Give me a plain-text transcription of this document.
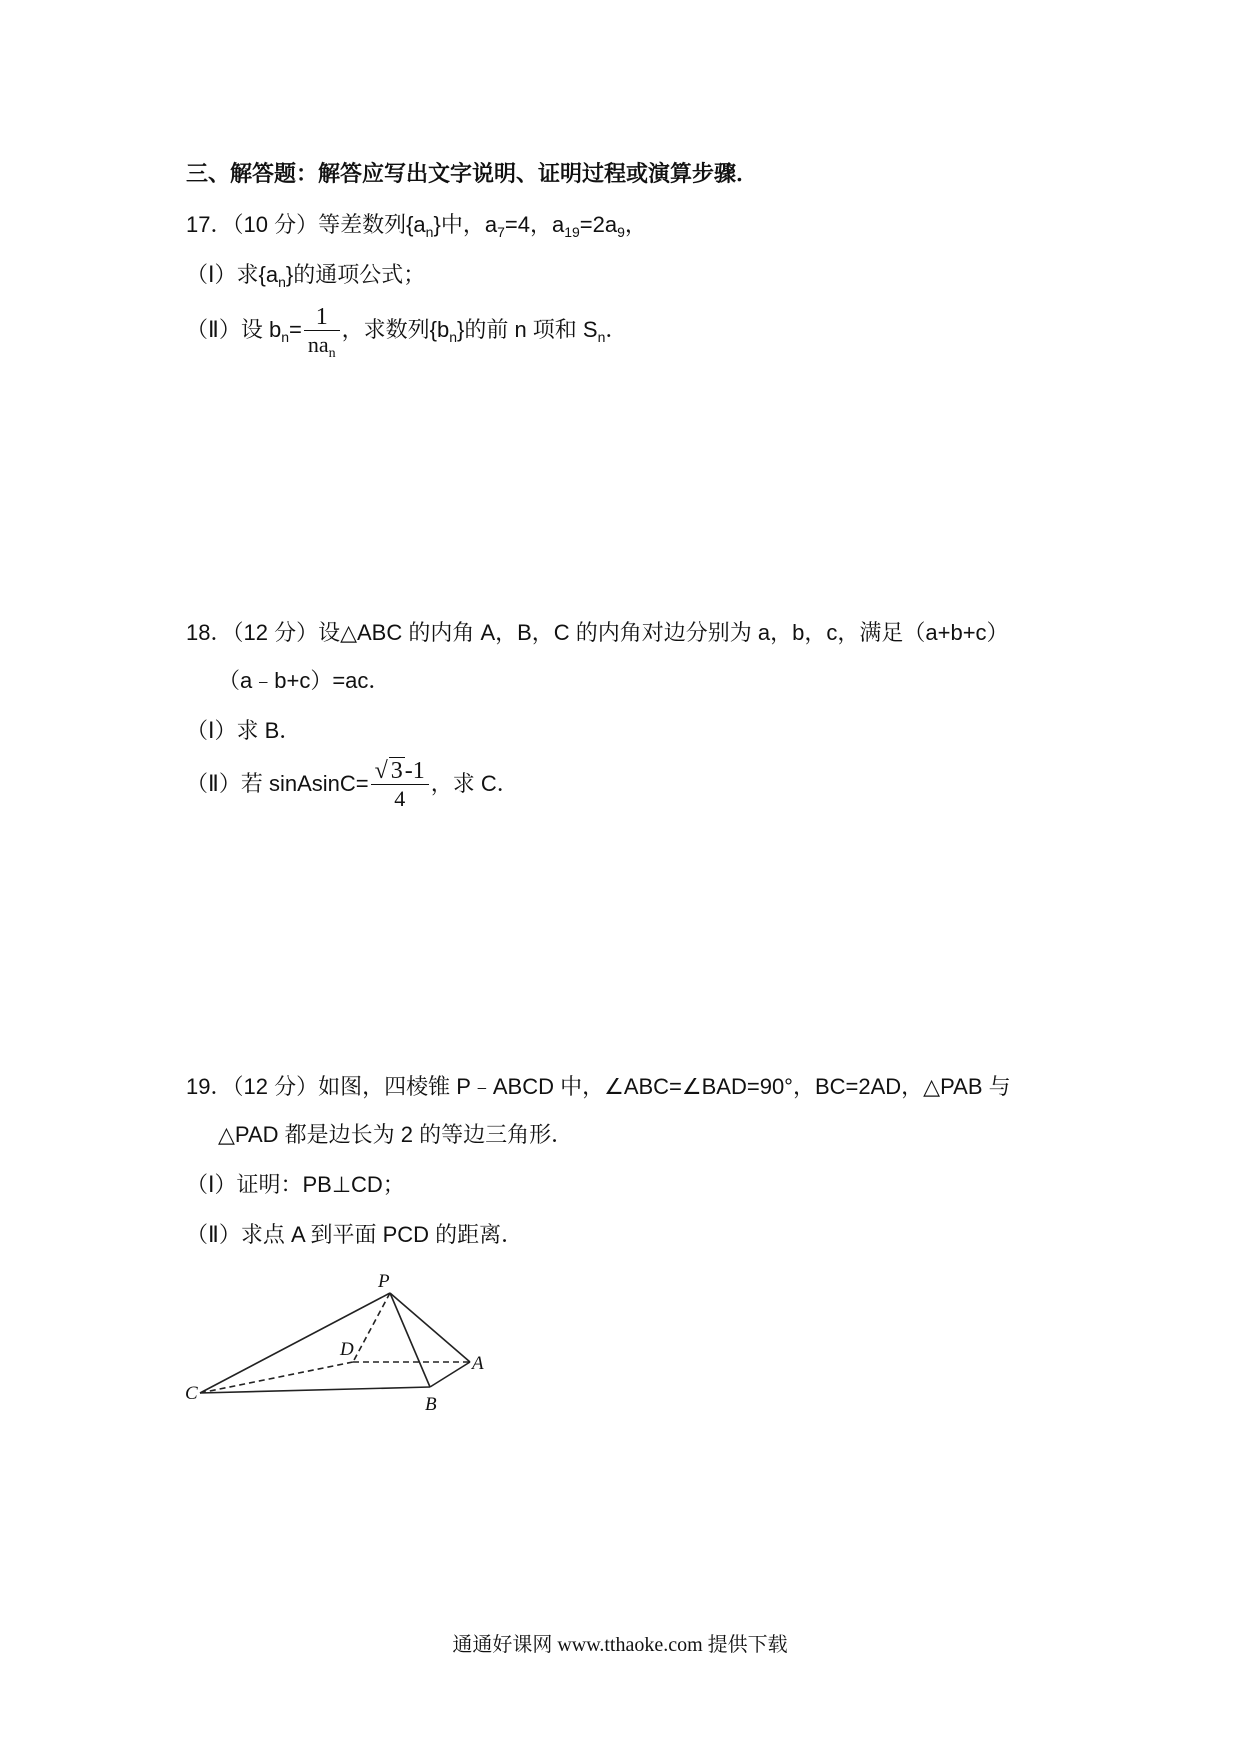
三、解答题：解答应写出文字说明、证明过程或演算步骤．
17．（10 分）等差数列$\{a_n\}$中，$a_7=4$，$a_{19}=2a_9$，
（Ⅰ）求$\{a_n\}$的通项公式；
（Ⅱ）设 $b_n= \frac{1}{na_n}$ ，求数列$\{b_n\}$的前 n 项和 $S_n$．
18．（12 分）设△ABC 的内角 A，B，C 的内角对边分别为 a，b，c，满足（a+b+c）
（a﹣b+c）=ac．
（Ⅰ）求 B．
（Ⅱ）若 sinAsinC= $\frac{√ 3-1}{4}$ ，求 C．
19．（12 分）如图，四棱锥 P﹣ABCD 中，∠ABC=∠BAD=90°，BC=2AD，△PAB 与
△PAD 都是边长为 2 的等边三角形．
（Ⅰ）证明：PB⊥CD；
（Ⅱ）求点 A 到平面 PCD 的距离．
P
D
A
C
B
通通好课网 www.tthaoke.com 提供下载
